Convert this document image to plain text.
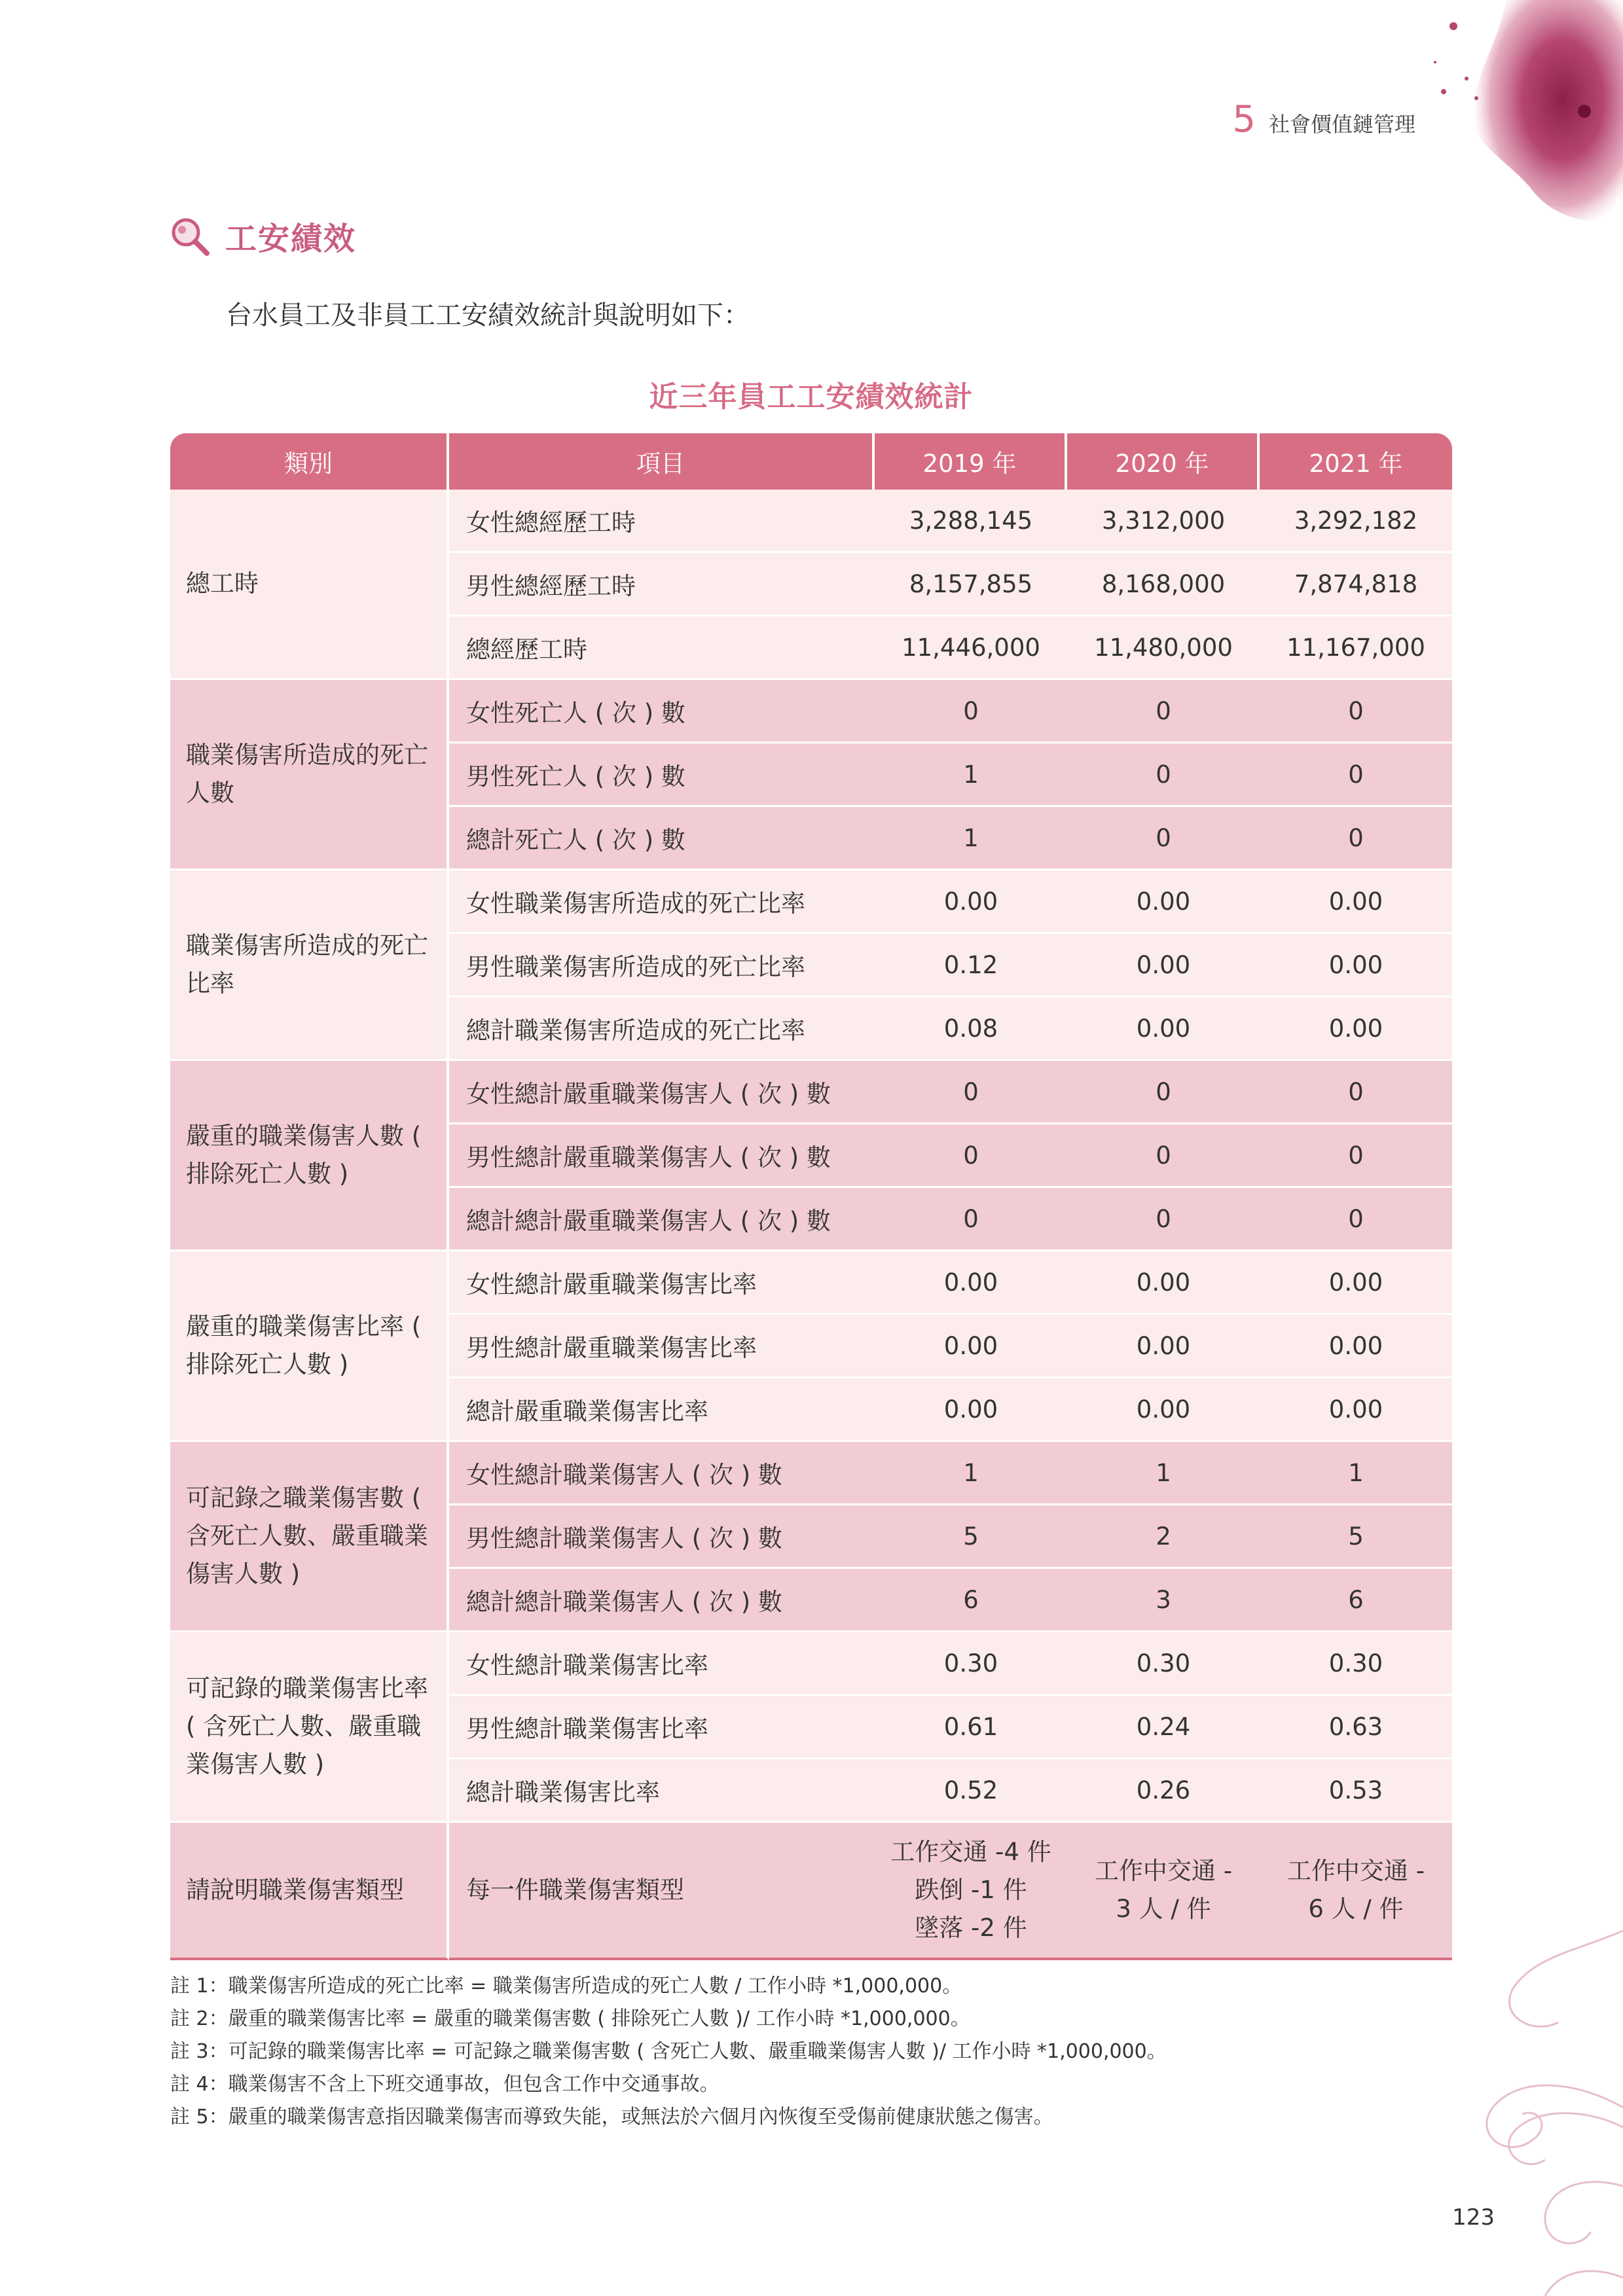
5 社會價值鏈管理
工安績效
台水員工及非員工工安績效統計與說明如下：
近三年員工工安績效統計
類別	項目	2019 年	2020 年	2021 年
總工時	女性總經歷工時	3,288,145	3,312,000	3,292,182
	男性總經歷工時	8,157,855	8,168,000	7,874,818
	總經歷工時	11,446,000	11,480,000	11,167,000
職業傷害所造成的死亡人數	女性死亡人 ( 次 ) 數	0	0	0
	男性死亡人 ( 次 ) 數	1	0	0
	總計死亡人 ( 次 ) 數	1	0	0
職業傷害所造成的死亡比率	女性職業傷害所造成的死亡比率	0.00	0.00	0.00
	男性職業傷害所造成的死亡比率	0.12	0.00	0.00
	總計職業傷害所造成的死亡比率	0.08	0.00	0.00
嚴重的職業傷害人數 ( 排除死亡人數 )	女性總計嚴重職業傷害人 ( 次 ) 數	0	0	0
	男性總計嚴重職業傷害人 ( 次 ) 數	0	0	0
	總計總計嚴重職業傷害人 ( 次 ) 數	0	0	0
嚴重的職業傷害比率 ( 排除死亡人數 )	女性總計嚴重職業傷害比率	0.00	0.00	0.00
	男性總計嚴重職業傷害比率	0.00	0.00	0.00
	總計嚴重職業傷害比率	0.00	0.00	0.00
可記錄之職業傷害數 ( 含死亡人數、嚴重職業傷害人數 )	女性總計職業傷害人 ( 次 ) 數	1	1	1
	男性總計職業傷害人 ( 次 ) 數	5	2	5
	總計總計職業傷害人 ( 次 ) 數	6	3	6
可記錄的職業傷害比率 ( 含死亡人數、嚴重職業傷害人數 )	女性總計職業傷害比率	0.30	0.30	0.30
	男性總計職業傷害比率	0.61	0.24	0.63
	總計職業傷害比率	0.52	0.26	0.53
請說明職業傷害類型	每一件職業傷害類型	工作交通 -4 件
跌倒 -1 件
墜落 -2 件	工作中交通 -
3 人 / 件	工作中交通 -
6 人 / 件
註 1：職業傷害所造成的死亡比率 = 職業傷害所造成的死亡人數 / 工作小時 *1,000,000。
註 2：嚴重的職業傷害比率 = 嚴重的職業傷害數 ( 排除死亡人數 )/ 工作小時 *1,000,000。
註 3：可記錄的職業傷害比率 = 可記錄之職業傷害數 ( 含死亡人數、嚴重職業傷害人數 )/ 工作小時 *1,000,000。
註 4：職業傷害不含上下班交通事故，但包含工作中交通事故。
註 5：嚴重的職業傷害意指因職業傷害而導致失能，或無法於六個月內恢復至受傷前健康狀態之傷害。
123
